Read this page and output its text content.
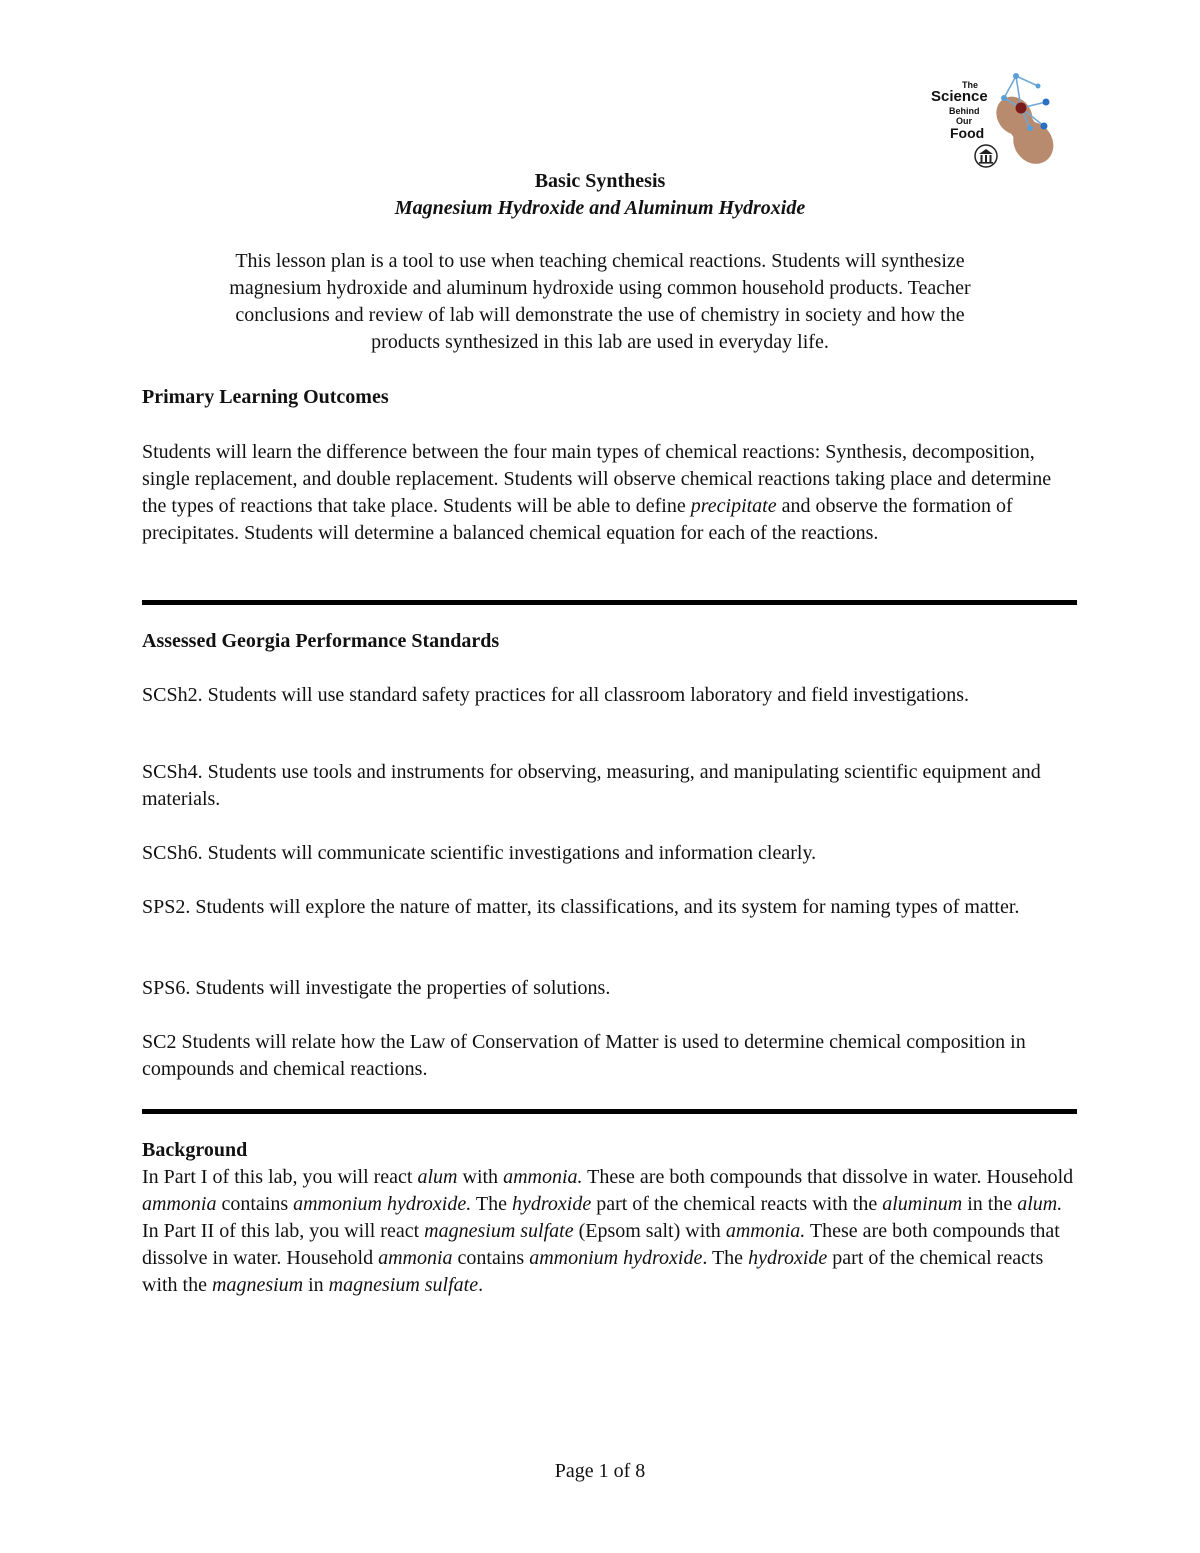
The
Science
Behind
Our
Food
Basic Synthesis
Magnesium Hydroxide and Aluminum Hydroxide

This lesson plan is a tool to use when teaching chemical reactions. Students will synthesize
magnesium hydroxide and aluminum hydroxide using common household products. Teacher
conclusions and review of lab will demonstrate the use of chemistry in society and how the
products synthesized in this lab are used in everyday life.

Primary Learning Outcomes

Students will learn the difference between the four main types of chemical reactions: Synthesis, decomposition, single replacement, and double replacement. Students will observe chemical reactions taking place and determine the types of reactions that take place. Students will be able to define precipitate and observe the formation of precipitates. Students will determine a balanced chemical equation for each of the reactions.

Assessed Georgia Performance Standards

SCSh2. Students will use standard safety practices for all classroom laboratory and field investigations.

SCSh4. Students use tools and instruments for observing, measuring, and manipulating scientific equipment and materials.

SCSh6. Students will communicate scientific investigations and information clearly.

SPS2. Students will explore the nature of matter, its classifications, and its system for naming types of matter.

SPS6. Students will investigate the properties of solutions.

SC2 Students will relate how the Law of Conservation of Matter is used to determine chemical composition in compounds and chemical reactions.

Background

In Part I of this lab, you will react alum with ammonia. These are both compounds that dissolve in water. Household ammonia contains ammonium hydroxide. The hydroxide part of the chemical reacts with the aluminum in the alum. In Part II of this lab, you will react magnesium sulfate (Epsom salt) with ammonia. These are both compounds that dissolve in water. Household ammonia contains ammonium hydroxide. The hydroxide part of the chemical reacts with the magnesium in magnesium sulfate.

Page 1 of 8
